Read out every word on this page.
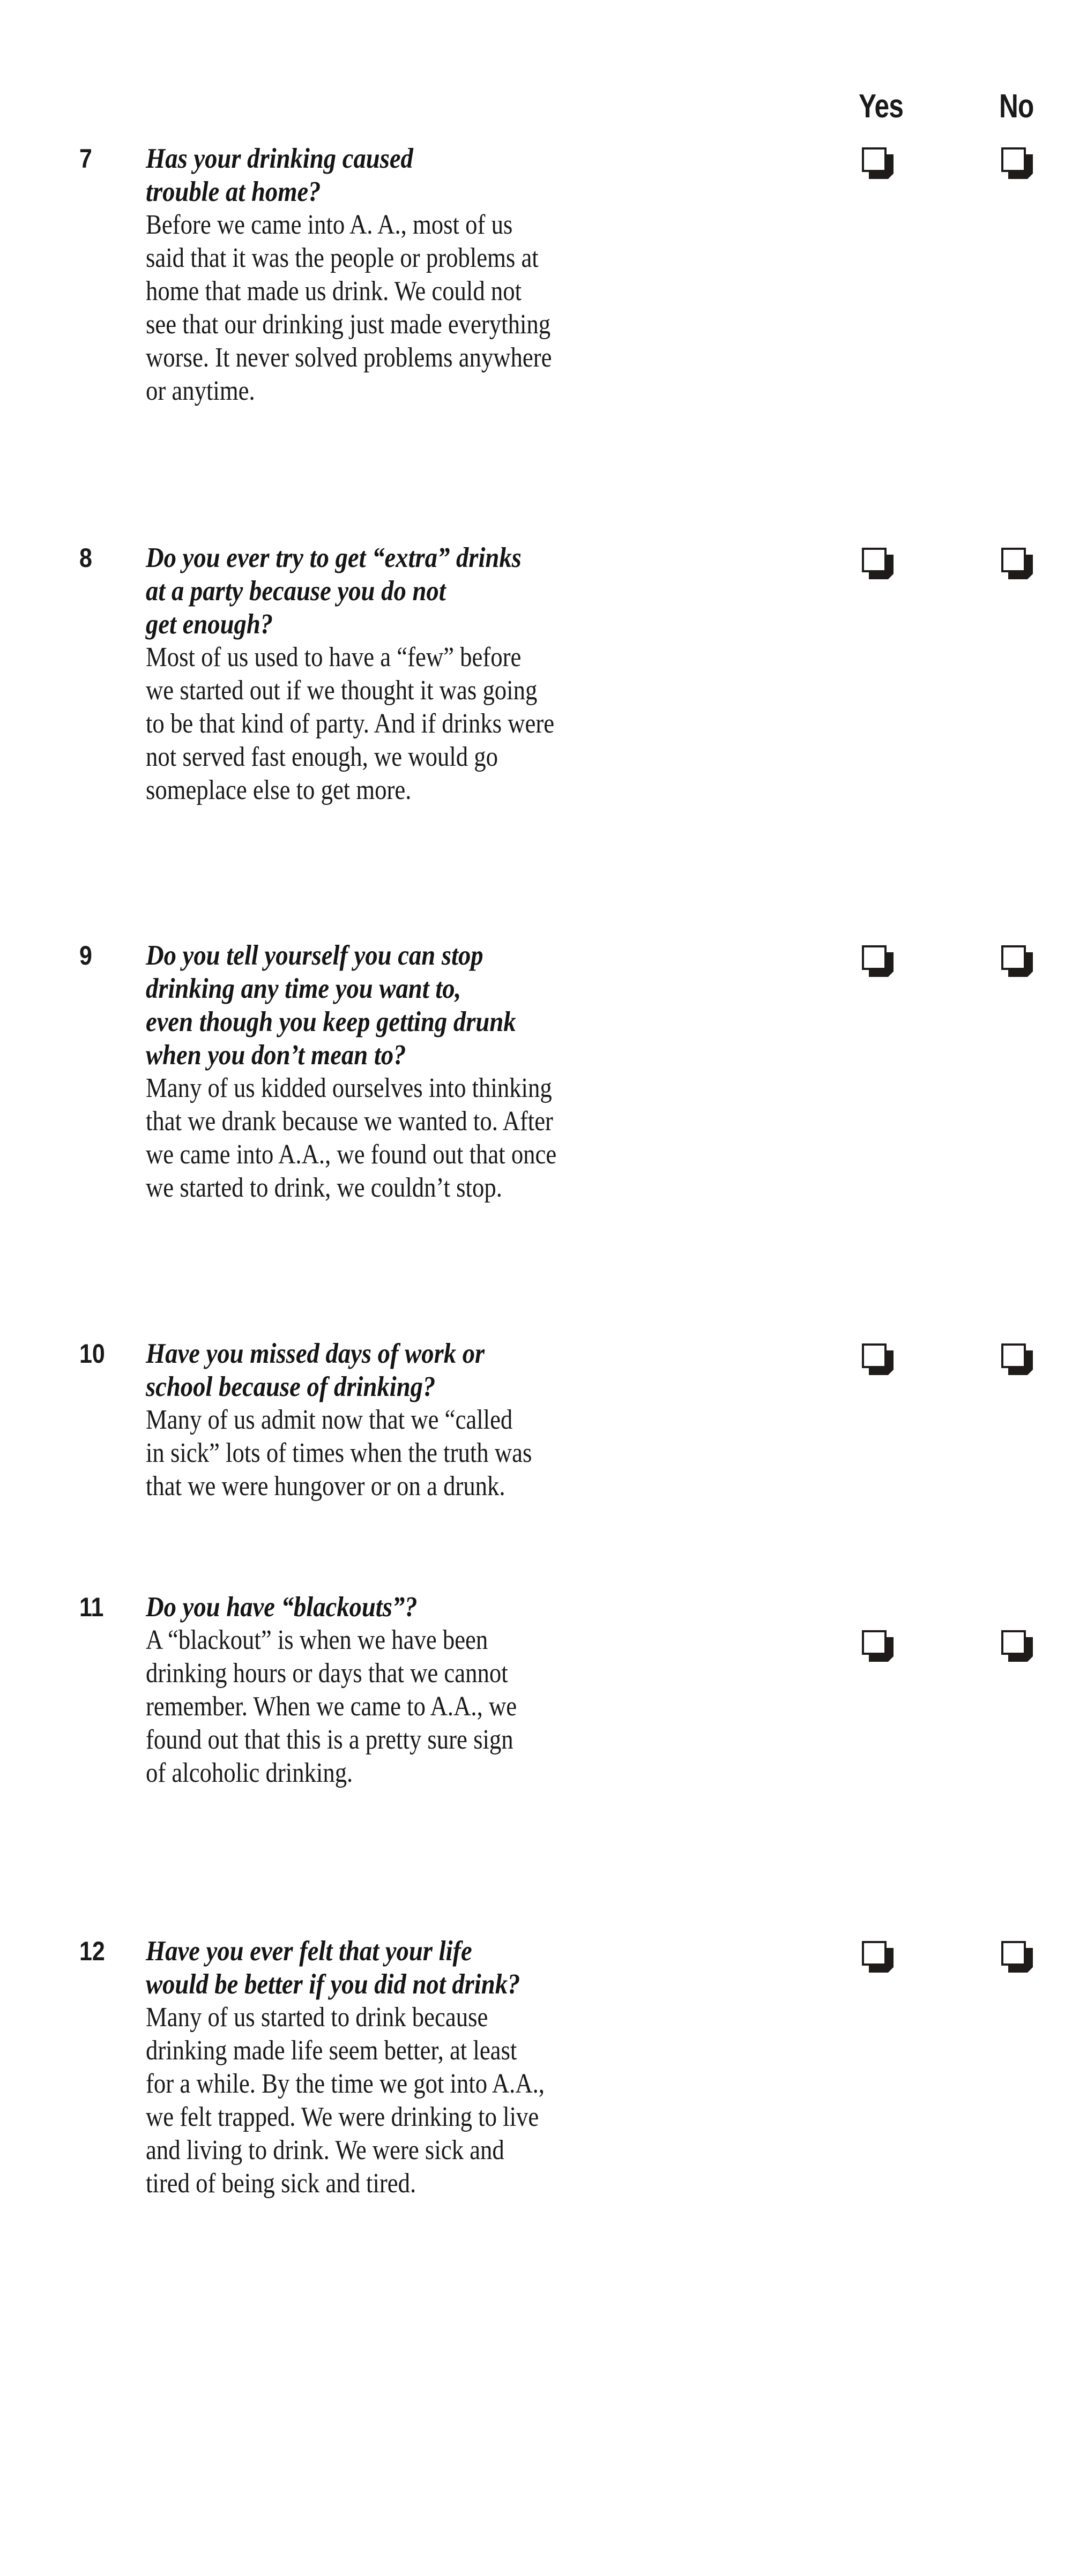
Yes	No
7	Has your drinking caused
trouble at home?
Before we came into A. A., most of us
said that it was the people or problems at
home that made us drink. We could not
see that our drinking just made everything
worse. It never solved problems anywhere
or anytime.
8	Do you ever try to get “extra” drinks
at a party because you do not
get enough?
Most of us used to have a “few” before
we started out if we thought it was going
to be that kind of party. And if drinks were
not served fast enough, we would go
someplace else to get more.
9	Do you tell yourself you can stop
drinking any time you want to,
even though you keep getting drunk
when you don’t mean to?
Many of us kidded ourselves into thinking
that we drank because we wanted to. After
we came into A.A., we found out that once
we started to drink, we couldn’t stop.
10	Have you missed days of work or
school because of drinking?
Many of us admit now that we “called
in sick” lots of times when the truth was
that we were hungover or on a drunk.
11	Do you have “blackouts”?
A “blackout” is when we have been
drinking hours or days that we cannot
remember. When we came to A.A., we
found out that this is a pretty sure sign
of alcoholic drinking.
12	Have you ever felt that your life
would be better if you did not drink?
Many of us started to drink because
drinking made life seem better, at least
for a while. By the time we got into A.A.,
we felt trapped. We were drinking to live
and living to drink. We were sick and
tired of being sick and tired.
